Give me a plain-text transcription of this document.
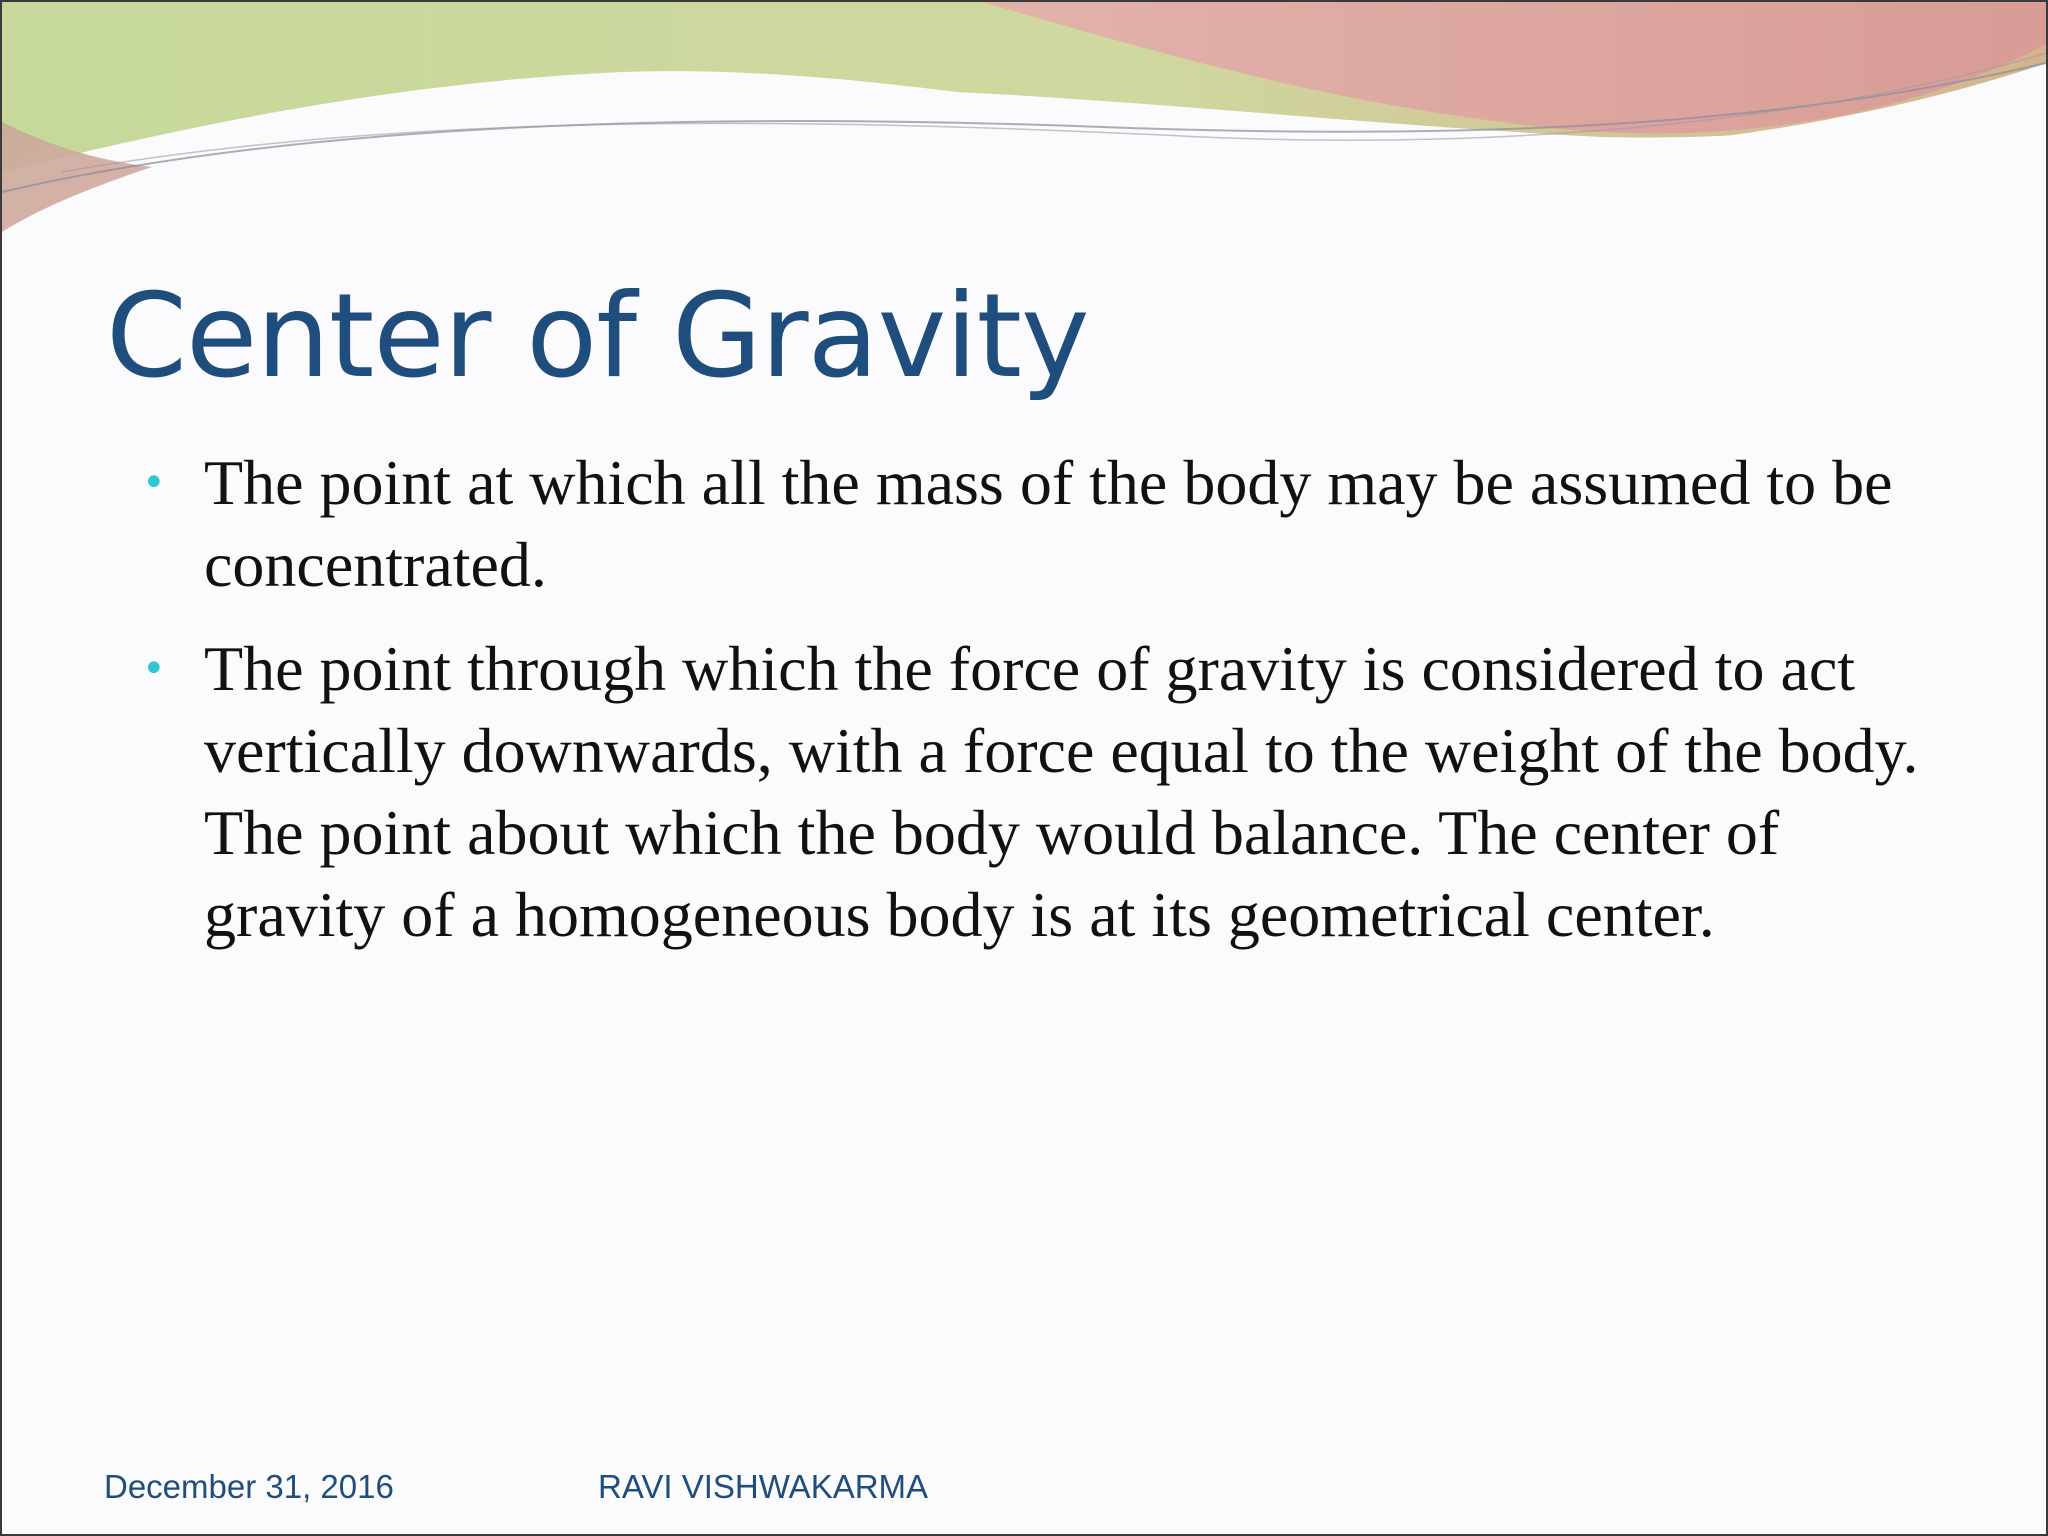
Center of Gravity
• The point at which all the mass of the body may be assumed to be concentrated.
• The point through which the force of gravity is considered to act vertically downwards, with a force equal to the weight of the body. The point about which the body would balance. The center of gravity of a homogeneous body is at its geometrical center.
December 31, 2016	RAVI VISHWAKARMA
